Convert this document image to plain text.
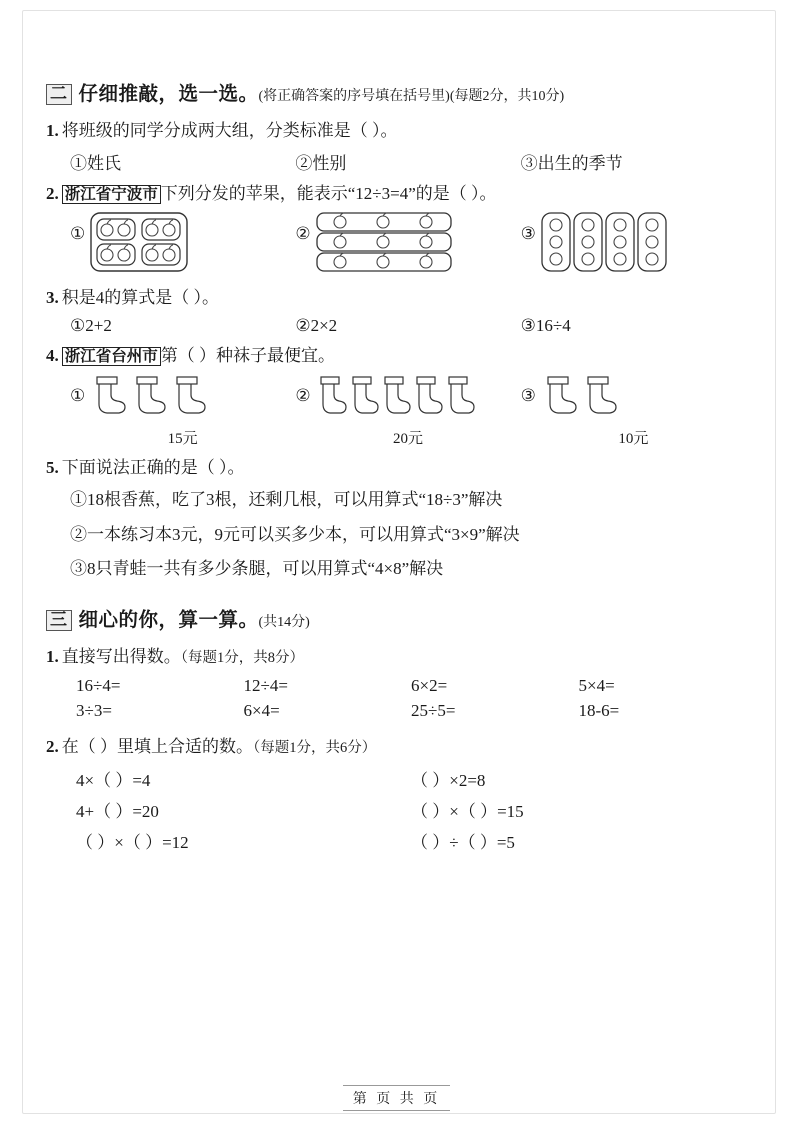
二 仔细推敲，选一选。 (将正确答案的序号填在括号里)(每题2分，共10分)
1. 将班级的同学分成两大组，分类标准是（ ）。
①姓氏	②性别	③出生的季节
2. 浙江省宁波市 下列分发的苹果，能表示“12÷3=4”的是（ ）。
①	②	③
3. 积是4的算式是（ ）。
①2+2	②2×2	③16÷4
4. 浙江省台州市 第（ ）种袜子最便宜。
①
15元
②
20元
③
10元
5. 下面说法正确的是（ ）。
①18根香蕉，吃了3根，还剩几根，可以用算式“18÷3”解决
②一本练习本3元，9元可以买多少本，可以用算式“3×9”解决
③8只青蛙一共有多少条腿，可以用算式“4×8”解决
三 细心的你，算一算。 (共14分)
1. 直接写出得数。（每题1分，共8分）
16÷4=	12÷4=	6×2=	5×4=
3÷3=	6×4=	25÷5=	18-6=
2. 在（ ）里填上合适的数。（每题1分，共6分）
4×（ ）=4	（ ）×2=8
4+（ ）=20	（ ）×（ ）=15
（ ）×（ ）=12	（ ）÷（ ）=5
第 页 共 页
